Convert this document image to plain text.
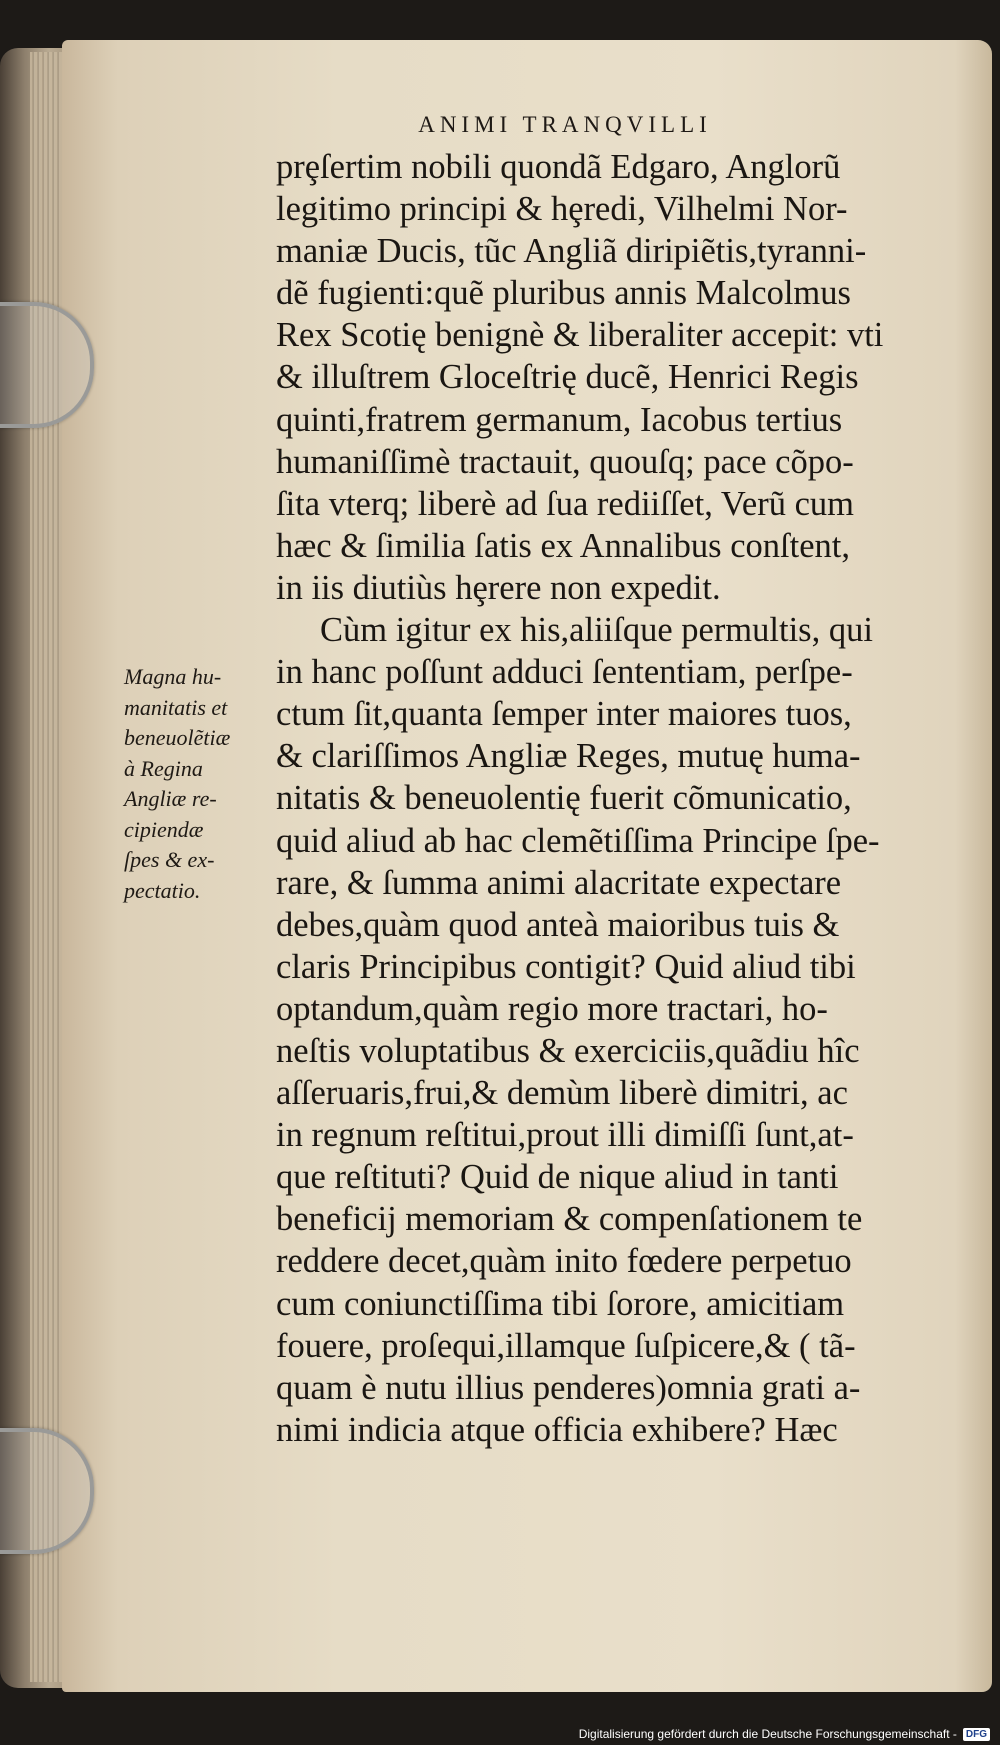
ANIMI TRANQVILLI
Magna hu-
manitatis et
beneuolẽtiæ
à Regina
Angliæ re-
cipiendæ
ſpes & ex-
pectatio.
prȩſertim nobili quondã Edgaro, Anglorũ
legitimo principi & hȩredi, Vilhelmi Nor-
maniæ Ducis, tũc Angliã diripiẽtis,tyranni-
dẽ fugienti:quẽ pluribus annis Malcolmus
Rex Scotię benignè & liberaliter accepit: vti
& illuſtrem Gloceſtrię ducẽ, Henrici Regis
quinti,fratrem germanum, Iacobus tertius
humaniſſimè tractauit, quouſq; pace cõpo-
ſita vterq; liberè ad ſua rediiſſet, Verũ cum
hæc & ſimilia ſatis ex Annalibus conſtent,
in iis diutiùs hȩrere non expedit.
Cùm igitur ex his,aliiſque permultis, qui
in hanc poſſunt adduci ſententiam, perſpe-
ctum ſit,quanta ſemper inter maiores tuos,
& clariſſimos Angliæ Reges, mutuę huma-
nitatis & beneuolentię fuerit cõmunicatio,
quid aliud ab hac clemẽtiſſima Principe ſpe-
rare, & ſumma animi alacritate expectare
debes,quàm quod anteà maioribus tuis &
claris Principibus contigit? Quid aliud tibi
optandum,quàm regio more tractari, ho-
neſtis voluptatibus & exerciciis,quãdiu hîc
aſſeruaris,frui,& demùm liberè dimitri, ac
in regnum reſtitui,prout illi dimiſſi ſunt,at-
que reſtituti? Quid de nique aliud in tanti
beneficij memoriam & compenſationem te
reddere decet,quàm inito fœdere perpetuo
cum coniunctiſſima tibi ſorore, amicitiam
fouere, proſequi,illamque ſuſpicere,& ( tã-
quam è nutu illius penderes)omnia grati a-
nimi indicia atque officia exhibere? Hæc
Digitalisierung gefördert durch die Deutsche Forschungsgemeinschaft - DFG
